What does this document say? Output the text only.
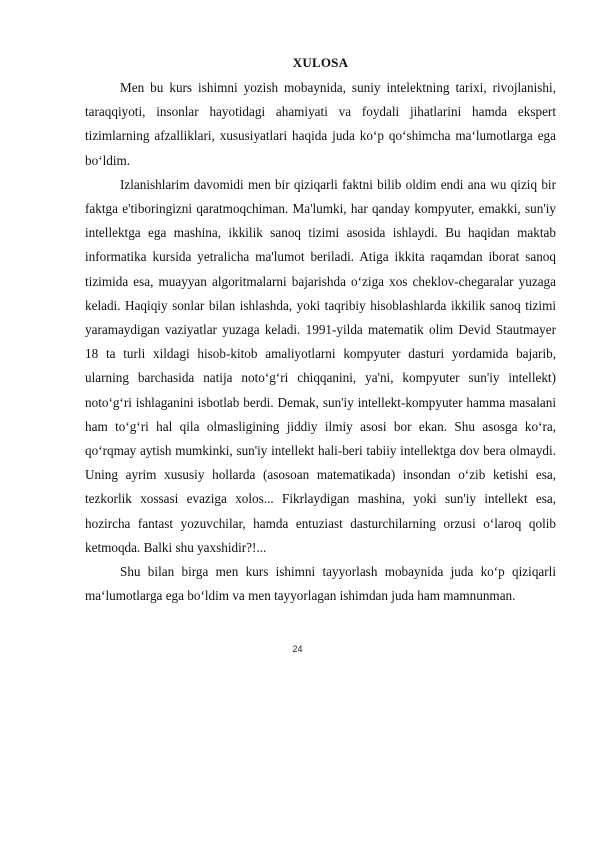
XULOSA

Men bu kurs ishimni yozish mobaynida, suniy intelektning tarixi, rivojlanishi, taraqqiyoti, insonlar hayotidagi ahamiyati va foydali jihatlarini hamda ekspert tizimlarning afzalliklari, xususiyatlari haqida juda ko‘p qo‘shimcha ma‘lumotlarga ega bo‘ldim.

Izlanishlarim davomidi men bir qiziqarli faktni bilib oldim endi ana wu qiziq bir faktga e'tiboringizni qaratmoqchiman. Ma'lumki, har qanday kompyuter, emakki, sun'iy intellektga ega mashina, ikkilik sanoq tizimi asosida ishlaydi. Bu haqidan maktab informatika kursida yetralicha ma'lumot beriladi. Atiga ikkita raqamdan iborat sanoq tizimida esa, muayyan algoritmalarni bajarishda o‘ziga xos cheklov-chegaralar yuzaga keladi. Haqiqiy sonlar bilan ishlashda, yoki taqribiy hisoblashlarda ikkilik sanoq tizimi yaramaydigan vaziyatlar yuzaga keladi. 1991-yilda matematik olim Devid Stautmayer 18 ta turli xildagi hisob-kitob amaliyotlarni kompyuter dasturi yordamida bajarib, ularning barchasida natija noto‘g‘ri chiqqanini, ya'ni, kompyuter sun'iy intellekt) noto‘g‘ri ishlaganini isbotlab berdi. Demak, sun'iy intellekt-kompyuter hamma masalani ham to‘g‘ri hal qila olmasligining jiddiy ilmiy asosi bor ekan. Shu asosga ko‘ra, qo‘rqmay aytish mumkinki, sun'iy intellekt hali-beri tabiiy intellektga dov bera olmaydi. Uning ayrim xususiy hollarda (asosoan matematikada) insondan o‘zib ketishi esa, tezkorlik xossasi evaziga xolos... Fikrlaydigan mashina, yoki sun'iy intellekt esa, hozircha fantast yozuvchilar, hamda entuziast dasturchilarning orzusi o‘laroq qolib ketmoqda. Balki shu yaxshidir?!...

Shu bilan birga men kurs ishimni tayyorlash mobaynida juda ko‘p qiziqarli ma‘lumotlarga ega bo‘ldim va men tayyorlagan ishimdan juda ham mamnunman.

24
